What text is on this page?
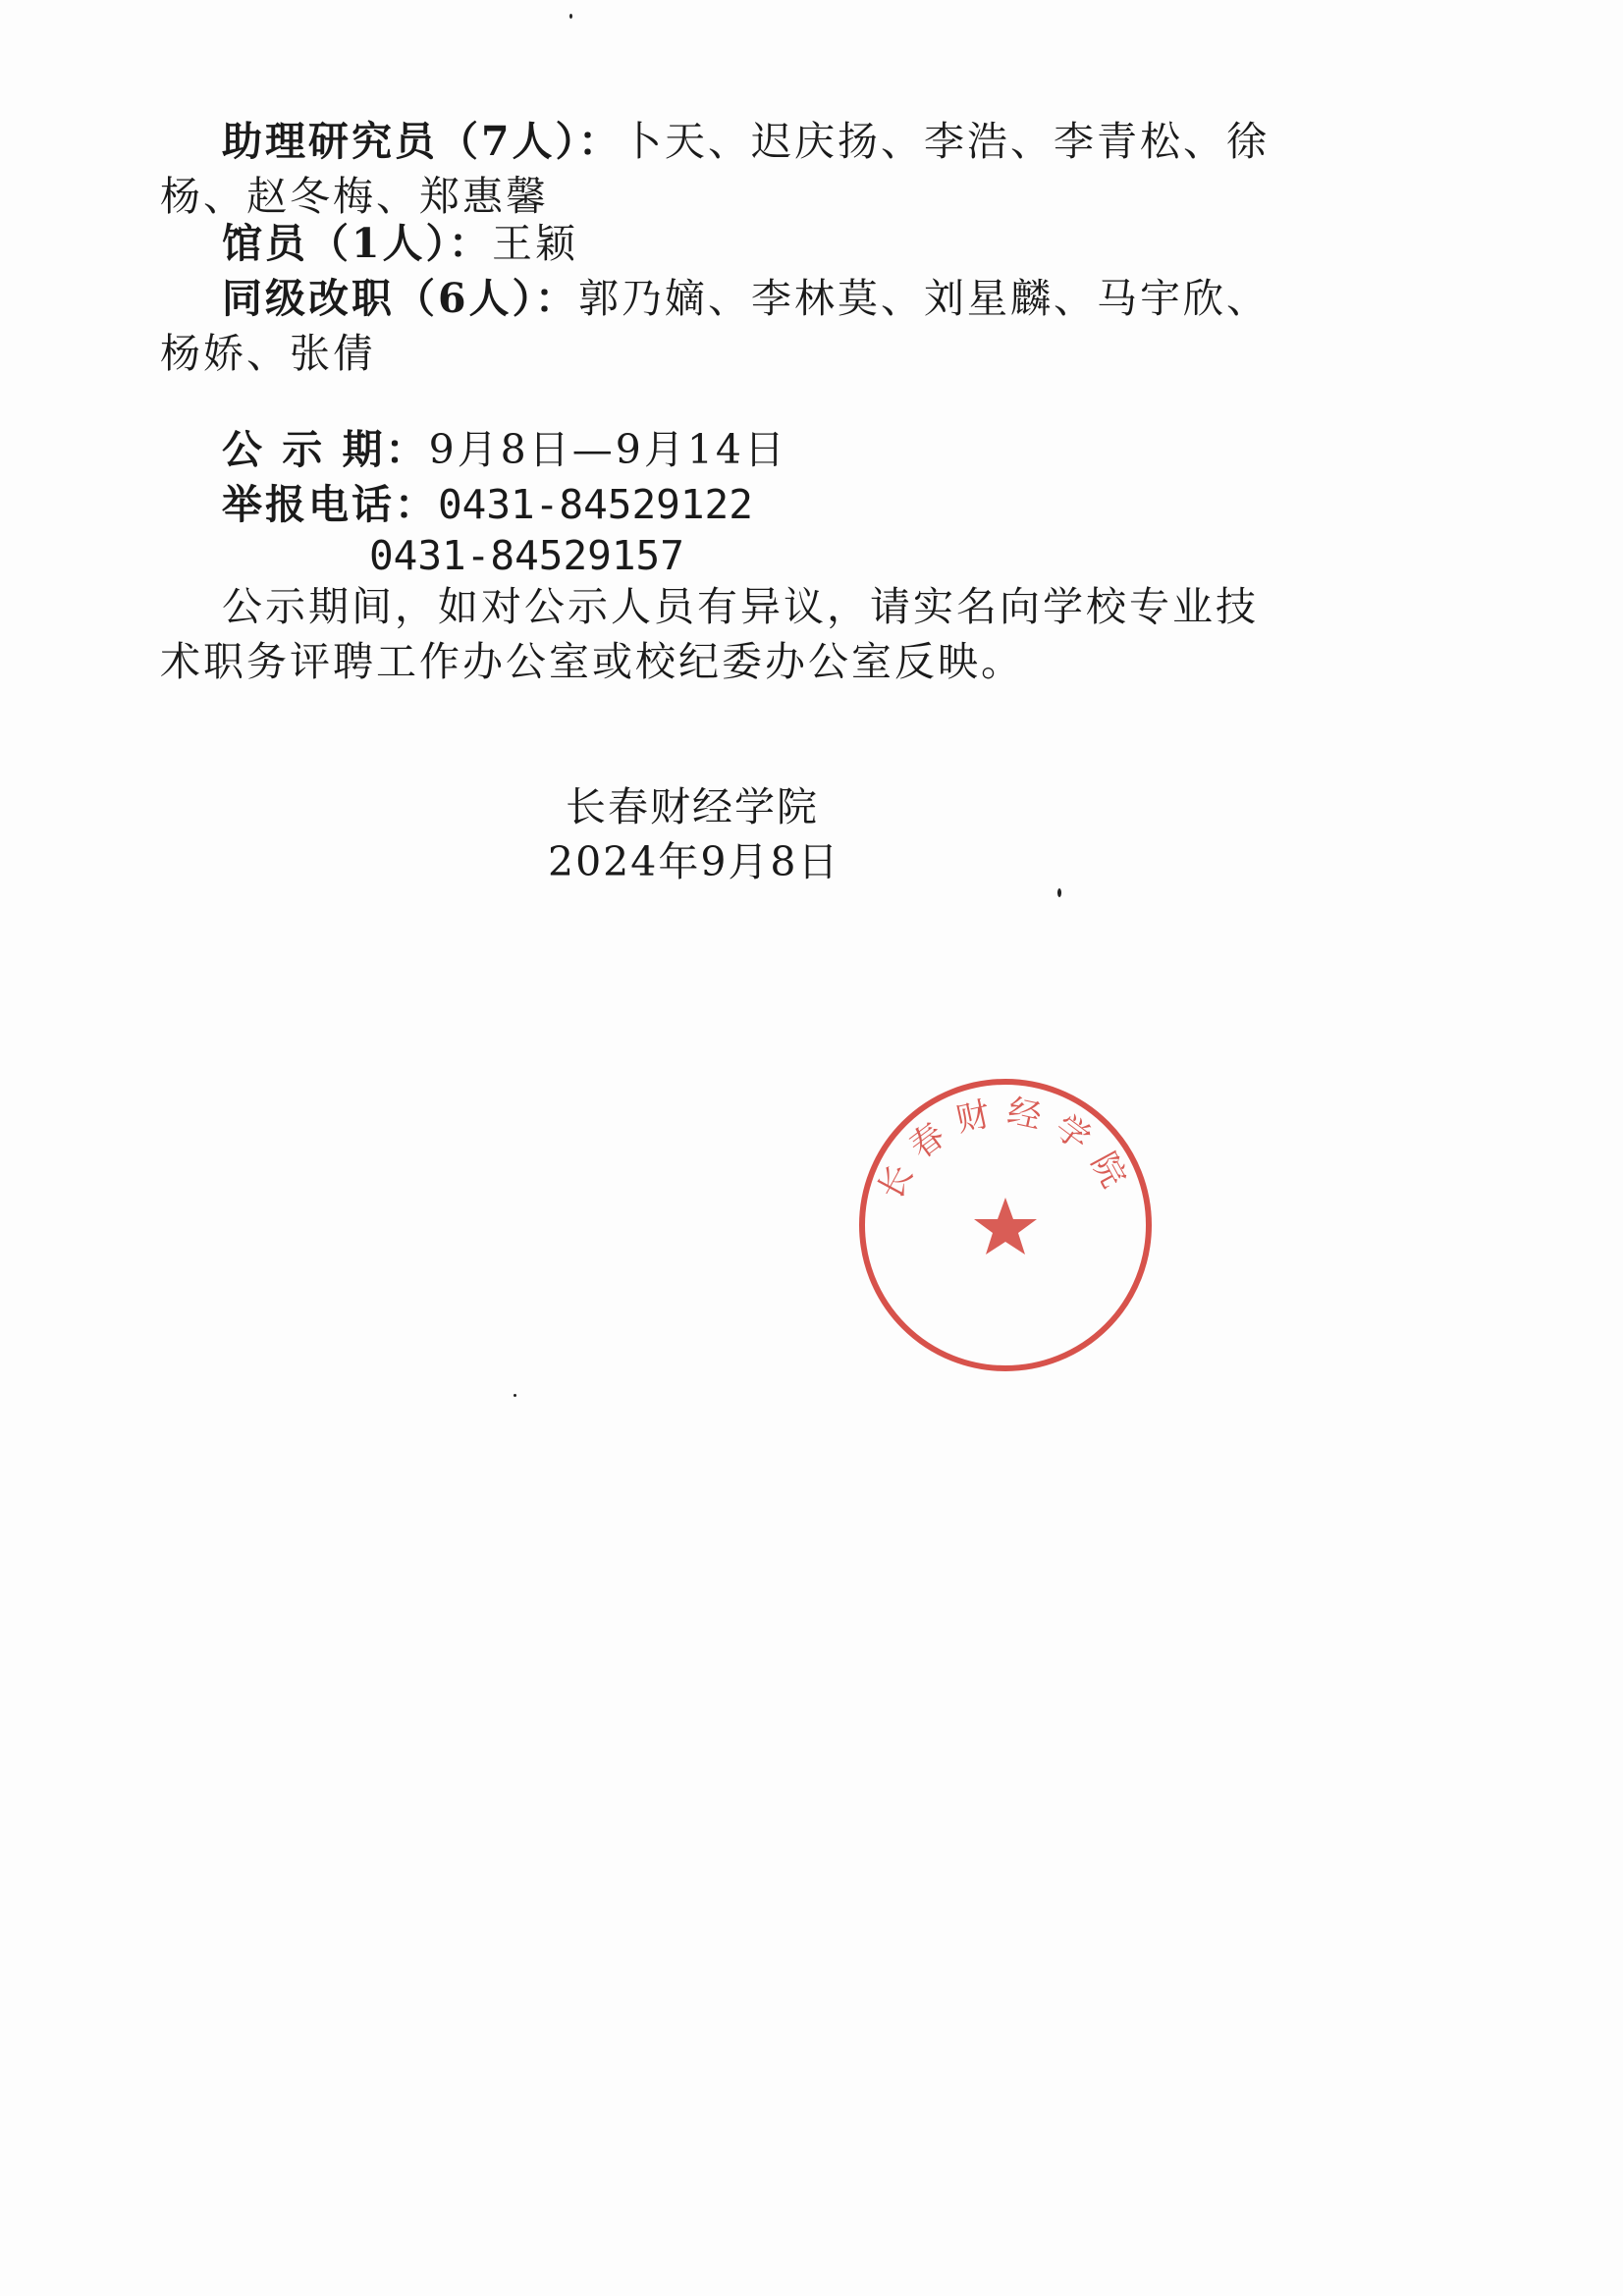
助理研究员（7人）：卜天、迟庆扬、李浩、李青松、徐
杨、赵冬梅、郑惠馨
馆员（1人）：王颖
同级改职（6人）：郭乃嫡、李林莫、刘星麟、马宇欣、
杨娇、张倩
公 示 期：9月8日—9月14日
举报电话：0431-84529122
0431-84529157
公示期间，如对公示人员有异议，请实名向学校专业技
术职务评聘工作办公室或校纪委办公室反映。
长春财经学院
长春财经学院
2024年9月8日
